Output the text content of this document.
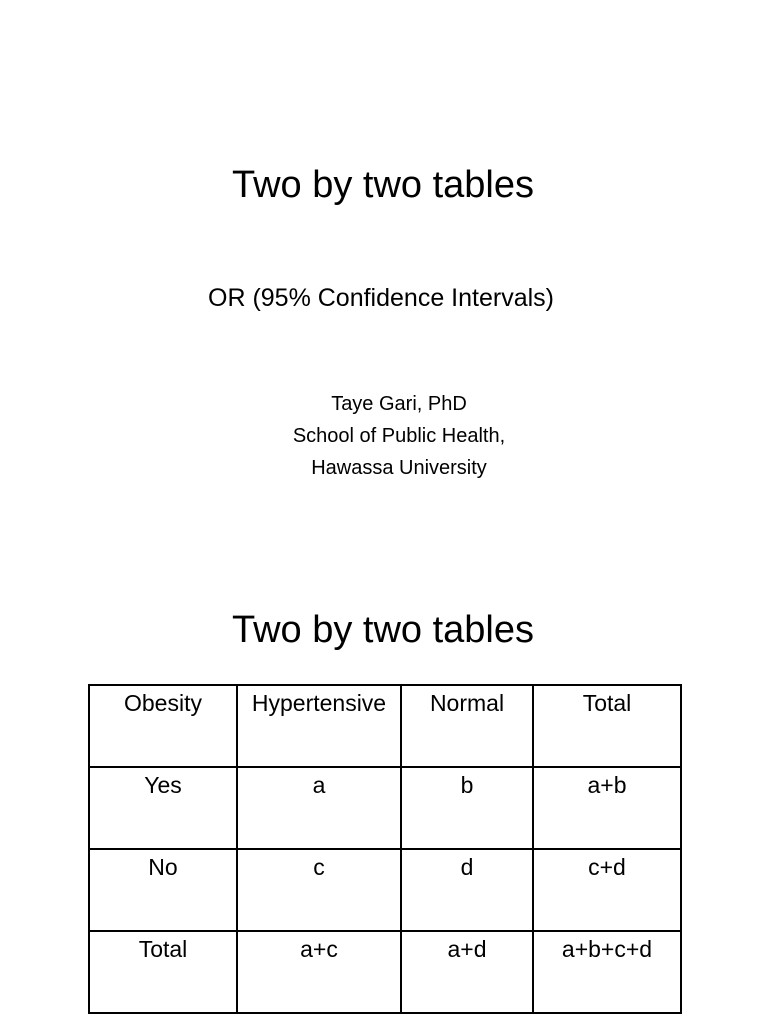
Two by two tables
OR (95% Confidence Intervals)
Taye Gari, PhD
School of Public Health,
Hawassa University
Two by two tables
Obesity	Hypertensive	Normal	Total
Yes	a	b	a+b
No	c	d	c+d
Total	a+c	a+d	a+b+c+d
